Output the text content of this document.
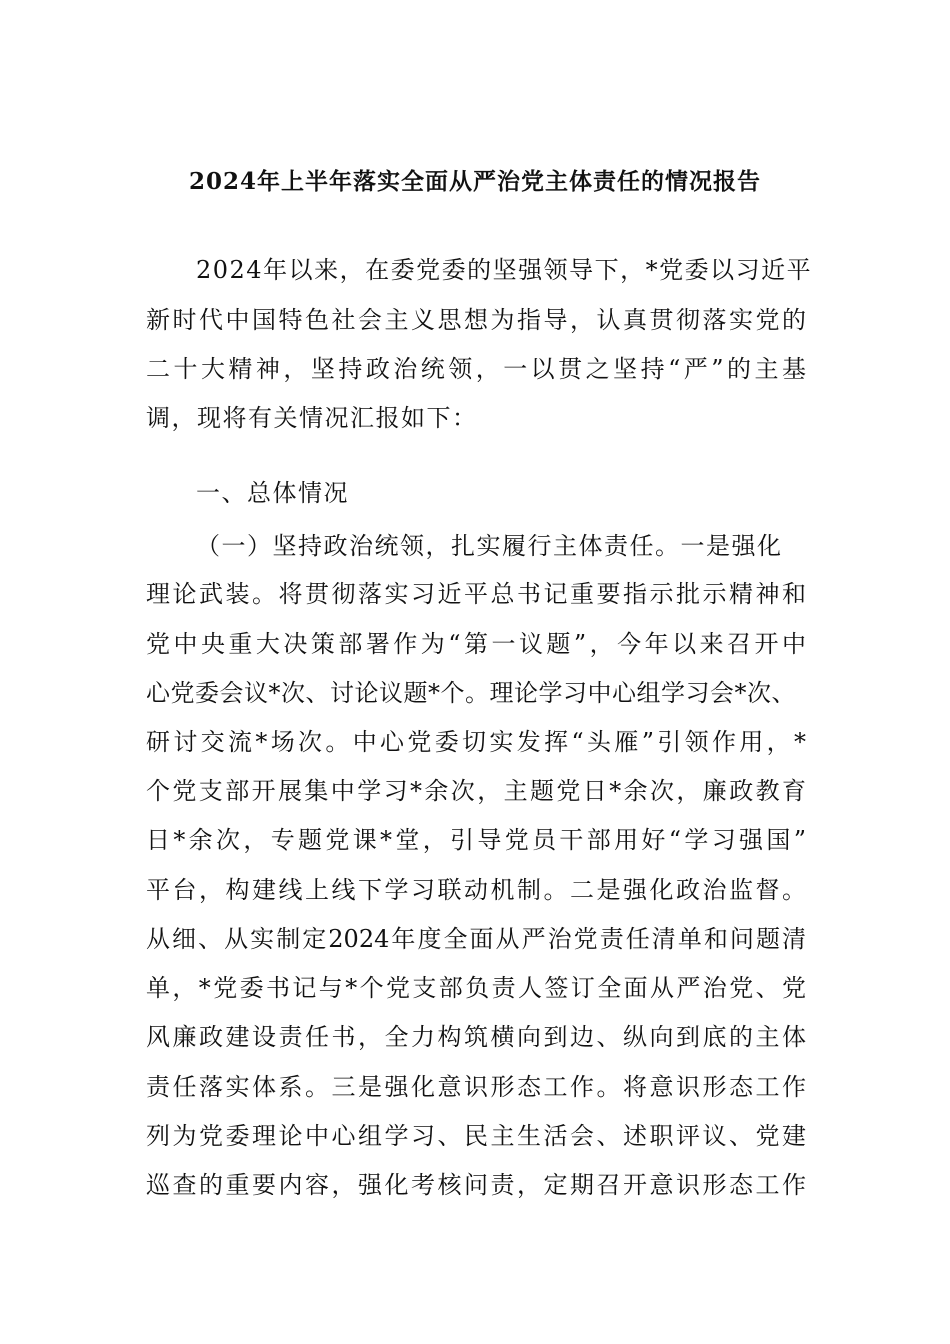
2024年上半年落实全面从严治党主体责任的情况报告

2024年以来，在委党委的坚强领导下，*党委以习近平

新时代中国特色社会主义思想为指导，认真贯彻落实党的

二十大精神，坚持政治统领，一以贯之坚持“严”的主基

调，现将有关情况汇报如下：

一、总体情况

（一）坚持政治统领，扎实履行主体责任。一是强化

理论武装。将贯彻落实习近平总书记重要指示批示精神和

党中央重大决策部署作为“第一议题”，今年以来召开中

心党委会议*次、讨论议题*个。理论学习中心组学习会*次、

研讨交流*场次。中心党委切实发挥“头雁”引领作用，*

个党支部开展集中学习*余次，主题党日*余次，廉政教育

日*余次，专题党课*堂，引导党员干部用好“学习强国”

平台，构建线上线下学习联动机制。二是强化政治监督。

从细、从实制定2024年度全面从严治党责任清单和问题清

单，*党委书记与*个党支部负责人签订全面从严治党、党

风廉政建设责任书，全力构筑横向到边、纵向到底的主体

责任落实体系。三是强化意识形态工作。将意识形态工作

列为党委理论中心组学习、民主生活会、述职评议、党建

巡查的重要内容，强化考核问责，定期召开意识形态工作
